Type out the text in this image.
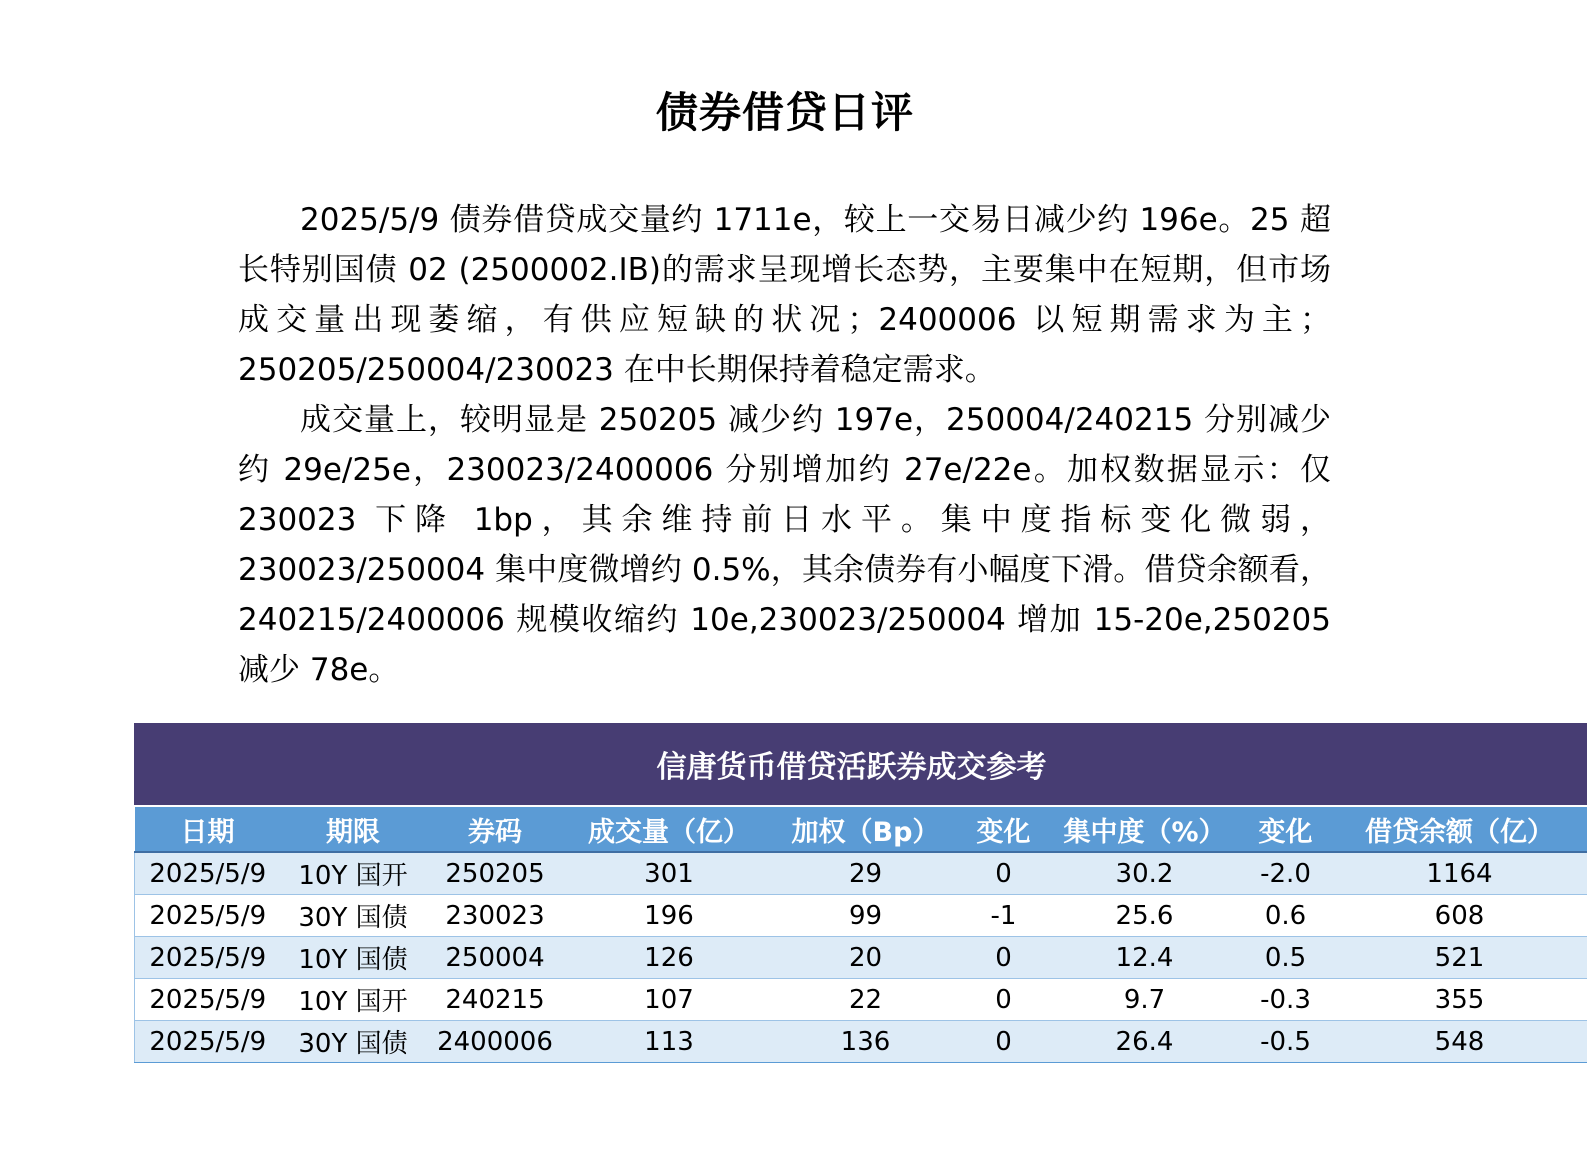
债券借贷日评

2025/5/9 债券借贷成交量约 1711e，较上一交易日减少约 196e。25 超长特别国债 02 (2500002.IB)的需求呈现增长态势，主要集中在短期，但市场成交量出现萎缩，有供应短缺的状况；2400006 以短期需求为主；250205/250004/230023 在中长期保持着稳定需求。

成交量上，较明显是 250205 减少约 197e，250004/240215 分别减少约 29e/25e，230023/2400006 分别增加约 27e/22e。加权数据显示：仅 230023 下降 1bp，其余维持前日水平。集中度指标变化微弱，230023/250004 集中度微增约 0.5%，其余债券有小幅度下滑。借贷余额看，240215/2400006 规模收缩约 10e,230023/250004 增加 15-20e,250205 减少 78e。

信唐货币借贷活跃券成交参考
日期	期限	券码	成交量（亿）	加权（Bp）	变化	集中度（%）	变化	借贷余额（亿）
2025/5/9	10Y 国开	250205	301	29	0	30.2	-2.0	1164
2025/5/9	30Y 国债	230023	196	99	-1	25.6	0.6	608
2025/5/9	10Y 国债	250004	126	20	0	12.4	0.5	521
2025/5/9	10Y 国开	240215	107	22	0	9.7	-0.3	355
2025/5/9	30Y 国债	2400006	113	136	0	26.4	-0.5	548
